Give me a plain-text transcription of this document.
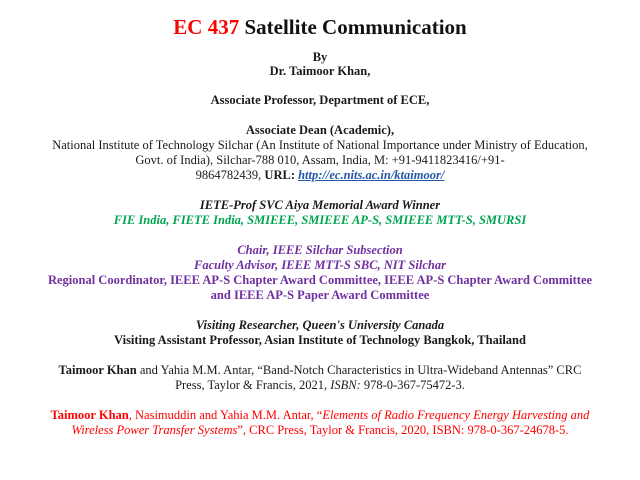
EC 437 Satellite Communication
By
Dr. Taimoor Khan,
Associate Professor, Department of ECE,
Associate Dean (Academic),
National Institute of Technology Silchar (An Institute of National Importance under Ministry of Education,
Govt. of India), Silchar-788 010, Assam, India, M: +91-9411823416/+91-
9864782439, URL: http://ec.nits.ac.in/ktaimoor/
IETE-Prof SVC Aiya Memorial Award Winner
FIE India, FIETE India, SMIEEE, SMIEEE AP-S, SMIEEE MTT-S, SMURSI
Chair, IEEE Silchar Subsection
Faculty Advisor, IEEE MTT-S SBC, NIT Silchar
Regional Coordinator, IEEE AP-S Chapter Award Committee, IEEE AP-S Chapter Award Committee
and IEEE AP-S Paper Award Committee
Visiting Researcher, Queen's University Canada
Visiting Assistant Professor, Asian Institute of Technology Bangkok, Thailand
Taimoor Khan and Yahia M.M. Antar, “Band-Notch Characteristics in Ultra-Wideband Antennas” CRC
Press, Taylor & Francis, 2021, ISBN: 978-0-367-75472-3.
Taimoor Khan, Nasimuddin and Yahia M.M. Antar, “Elements of Radio Frequency Energy Harvesting and
Wireless Power Transfer Systems”, CRC Press, Taylor & Francis, 2020, ISBN: 978-0-367-24678-5.
